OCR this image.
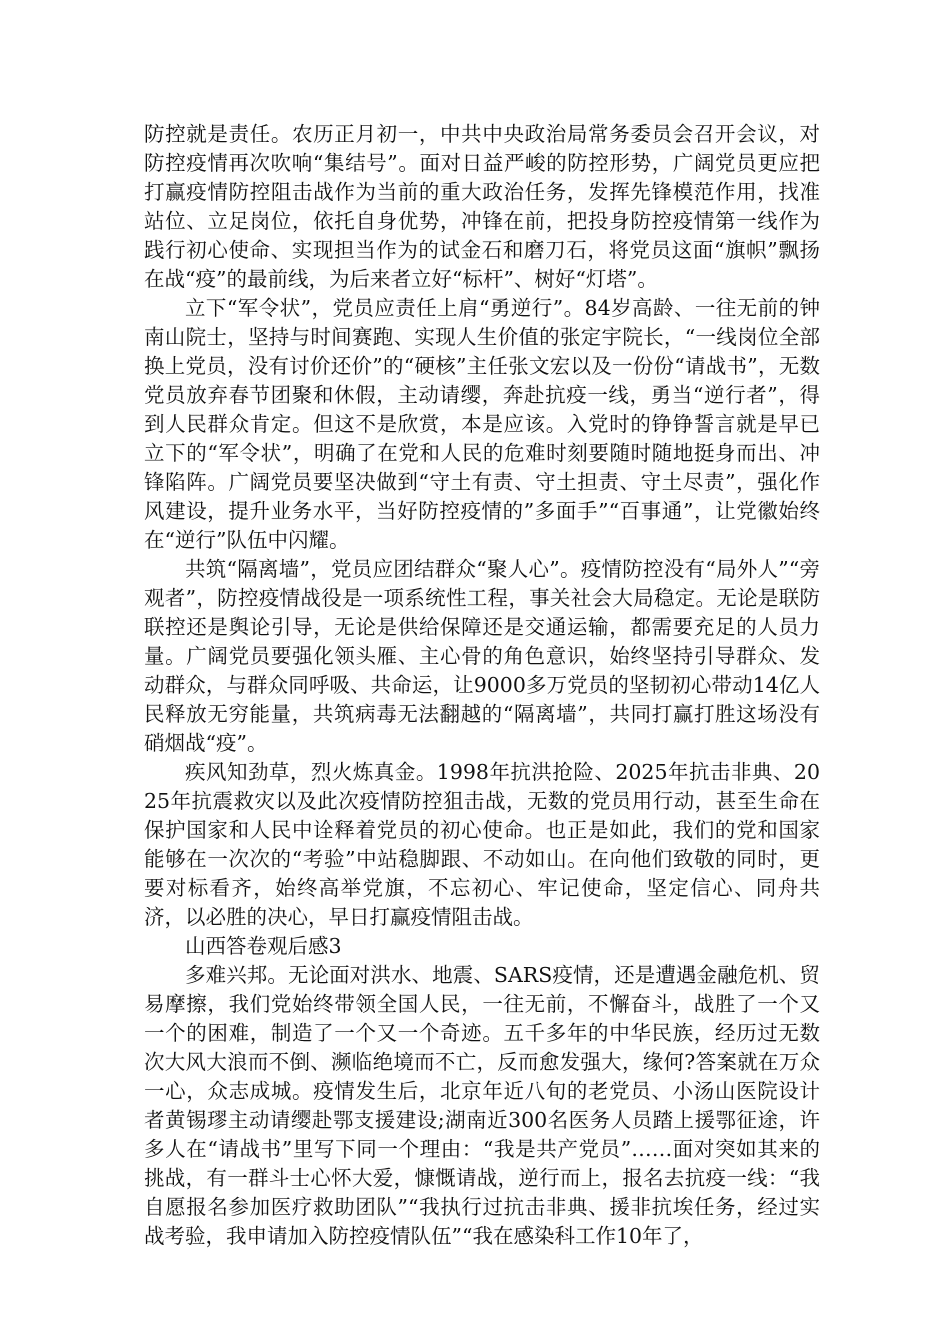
防控就是责任。农历正月初一，中共中央政治局常务委员会召开会议，对防控疫情再次吹响“集结号”。面对日益严峻的防控形势，广阔党员更应把打赢疫情防控阻击战作为当前的重大政治任务，发挥先锋模范作用，找准站位、立足岗位，依托自身优势，冲锋在前，把投身防控疫情第一线作为践行初心使命、实现担当作为的试金石和磨刀石，将党员这面“旗帜”飘扬在战“疫”的最前线，为后来者立好“标杆”、树好“灯塔”。

立下“军令状”，党员应责任上肩“勇逆行”。84岁高龄、一往无前的钟南山院士，坚持与时间赛跑、实现人生价值的张定宇院长，“一线岗位全部换上党员，没有讨价还价”的“硬核”主任张文宏以及一份份“请战书”，无数党员放弃春节团聚和休假，主动请缨，奔赴抗疫一线，勇当“逆行者”，得到人民群众肯定。但这不是欣赏，本是应该。入党时的铮铮誓言就是早已立下的“军令状”，明确了在党和人民的危难时刻要随时随地挺身而出、冲锋陷阵。广阔党员要坚决做到“守土有责、守土担责、守土尽责”，强化作风建设，提升业务水平，当好防控疫情的”多面手”“百事通”，让党徽始终在“逆行”队伍中闪耀。

共筑“隔离墙”，党员应团结群众“聚人心”。疫情防控没有“局外人”“旁观者”，防控疫情战役是一项系统性工程，事关社会大局稳定。无论是联防联控还是舆论引导，无论是供给保障还是交通运输，都需要充足的人员力量。广阔党员要强化领头雁、主心骨的角色意识，始终坚持引导群众、发动群众，与群众同呼吸、共命运，让9000多万党员的坚韧初心带动14亿人民释放无穷能量，共筑病毒无法翻越的“隔离墙”，共同打赢打胜这场没有硝烟战“疫”。

疾风知劲草，烈火炼真金。1998年抗洪抢险、2025年抗击非典、2025年抗震救灾以及此次疫情防控狙击战，无数的党员用行动，甚至生命在保护国家和人民中诠释着党员的初心使命。也正是如此，我们的党和国家能够在一次次的“考验”中站稳脚跟、不动如山。在向他们致敬的同时，更要对标看齐，始终高举党旗，不忘初心、牢记使命，坚定信心、同舟共济，以必胜的决心，早日打赢疫情阻击战。

山西答卷观后感3

多难兴邦。无论面对洪水、地震、SARS疫情，还是遭遇金融危机、贸易摩擦，我们党始终带领全国人民，一往无前，不懈奋斗，战胜了一个又一个的困难，制造了一个又一个奇迹。五千多年的中华民族，经历过无数次大风大浪而不倒、濒临绝境而不亡，反而愈发强大，缘何?答案就在万众一心，众志成城。疫情发生后，北京年近八旬的老党员、小汤山医院设计者黄锡璆主动请缨赴鄂支援建设;湖南近300名医务人员踏上援鄂征途，许多人在“请战书”里写下同一个理由：“我是共产党员”……面对突如其来的挑战，有一群斗士心怀大爱，慷慨请战，逆行而上，报名去抗疫一线：“我自愿报名参加医疗救助团队”“我执行过抗击非典、援非抗埃任务，经过实战考验，我申请加入防控疫情队伍”“我在感染科工作10年了，
